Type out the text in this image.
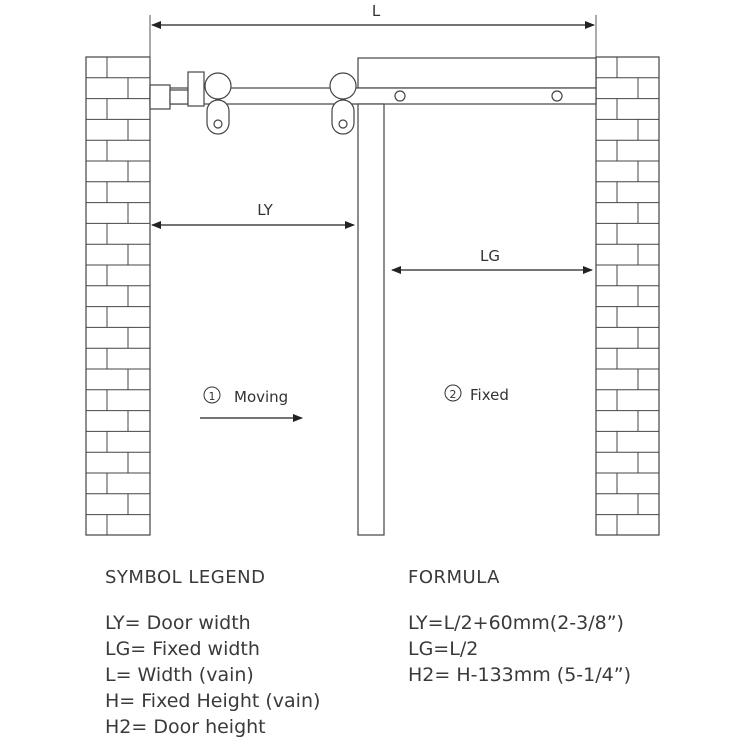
L
LY
LG
1 Moving	2 Fixed
SYMBOL LEGEND
LY= Door width
LG= Fixed width
L= Width (vain)
H= Fixed Height (vain)
H2= Door height
FORMULA
LY=L/2+60mm(2-3/8”)
LG=L/2
H2= H-133mm (5-1/4”)
